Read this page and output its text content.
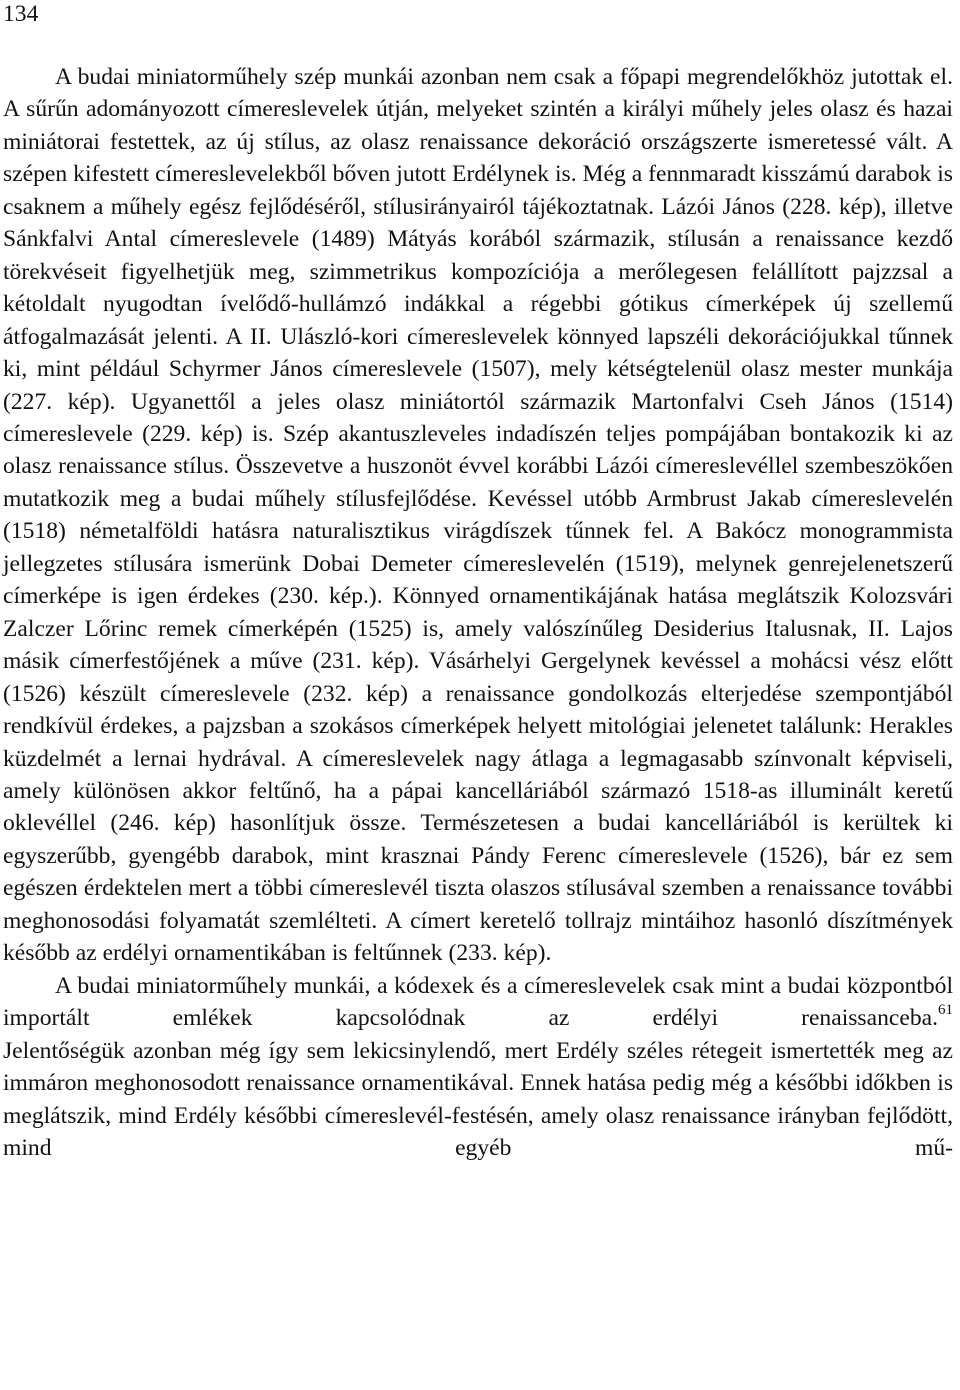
134

A budai miniatorműhely szép munkái azonban nem csak a főpapi megrendelőkhöz jutottak el. A sűrűn adományozott címereslevelek útján, melyeket szintén a királyi műhely jeles olasz és hazai miniátorai festettek, az új stílus, az olasz renaissance dekoráció országszerte ismeretessé vált. A szépen kifestett címereslevelekből bőven jutott Erdélynek is. Még a fennmaradt kisszámú darabok is csaknem a műhely egész fejlődéséről, stílusirányairól tájékoztatnak. Lázói János (228. kép), illetve Sánkfalvi Antal címereslevele (1489) Mátyás korából származik, stílusán a renaissance kezdő törekvéseit figyelhetjük meg, szimmetrikus kompozíciója a merőlegesen felállított pajzzsal a kétoldalt nyugodtan ívelődő-hullámzó indákkal a régebbi gótikus címerképek új szellemű átfogalmazását jelenti. A II. Ulászló-kori címereslevelek könnyed lapszéli dekorációjukkal tűnnek ki, mint például Schyrmer János címereslevele (1507), mely kétségtelenül olasz mester munkája (227. kép). Ugyanettől a jeles olasz miniátortól származik Martonfalvi Cseh János (1514) címereslevele (229. kép) is. Szép akantuszleveles indadíszén teljes pompájában bontakozik ki az olasz renaissance stílus. Összevetve a huszonöt évvel korábbi Lázói címereslevéllel szembeszökően mutatkozik meg a budai műhely stílusfejlődése. Kevéssel utóbb Armbrust Jakab címereslevelén (1518) németalföldi hatásra naturalisztikus virágdíszek tűnnek fel. A Bakócz monogrammista jellegzetes stílusára ismerünk Dobai Demeter címereslevelén (1519), melynek genrejelenetszerű címerképe is igen érdekes (230. kép.). Könnyed ornamentikájának hatása meglátszik Kolozsvári Zalczer Lőrinc remek címerképén (1525) is, amely valószínűleg Desiderius Italusnak, II. Lajos másik címerfestőjének a műve (231. kép). Vásárhelyi Gergelynek kevéssel a mohácsi vész előtt (1526) készült címereslevele (232. kép) a renaissance gondolkozás elterjedése szempontjából rendkívül érdekes, a pajzsban a szokásos címerképek helyett mitológiai jelenetet találunk: Herakles küzdelmét a lernai hydrával. A címereslevelek nagy átlaga a legmagasabb színvonalt képviseli, amely különösen akkor feltűnő, ha a pápai kancelláriából származó 1518-as illuminált keretű oklevéllel (246. kép) hasonlítjuk össze. Természetesen a budai kancelláriából is kerültek ki egyszerűbb, gyengébb darabok, mint krasznai Pándy Ferenc címereslevele (1526), bár ez sem egészen érdektelen mert a többi címereslevél tiszta olaszos stílusával szemben a renaissance további meghonosodási folyamatát szemlélteti. A címert keretelő tollrajz mintáihoz hasonló díszítmények később az erdélyi ornamentikában is feltűnnek (233. kép).

A budai miniatorműhely munkái, a kódexek és a címereslevelek csak mint a budai központból importált emlékek kapcsolódnak az erdélyi renaissanceba.$^{61}$

Jelentőségük azonban még így sem lekicsinylendő, mert Erdély széles rétegeit ismertették meg az immáron meghonosodott renaissance ornamentikával. Ennek hatása pedig még a későbbi időkben is meglátszik, mind Erdély későbbi címereslevél-festésén, amely olasz renaissance irányban fejlődött, mind egyéb mű-
